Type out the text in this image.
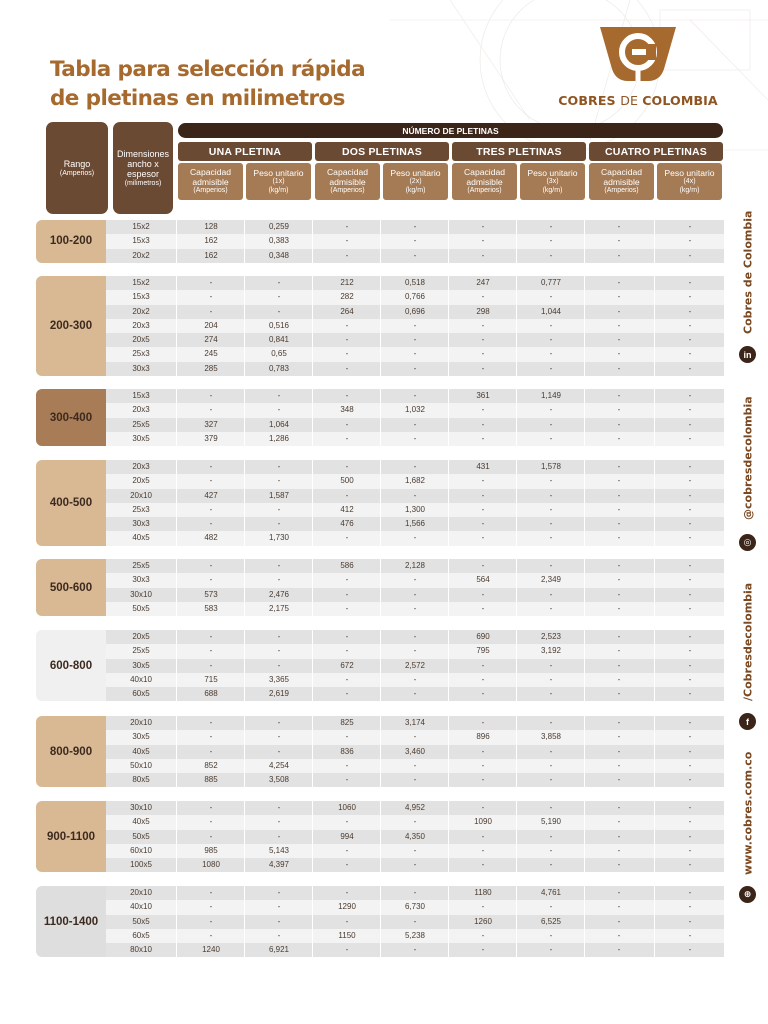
Tabla para selección rápida
de pletinas en milimetros	COBRES DE COLOMBIA
Rango
(Amperios)
Dimensiones
ancho x
espesor
(milimetros)
NÚMERO DE PLETINAS
UNA PLETINA	DOS PLETINAS	TRES PLETINAS	CUATRO PLETINAS
Capacidad
admisible
(Amperios)
Peso unitario
(1x)
(kg/m)
Capacidad
admisible
(Amperios)
Peso unitario
(2x)
(kg/m)
Capacidad
admisible
(Amperios)
Peso unitario
(3x)
(kg/m)
Capacidad
admisible
(Amperios)
Peso unitario
(4x)
(kg/m)
100-200
15x2	128	0,259	-	-	-	-	-	-
15x3	162	0,383	-	-	-	-	-	-
20x2	162	0,348	-	-	-	-	-	-
200-300
15x2	-	-	212	0,518	247	0,777	-	-
15x3	-	-	282	0,766	-	-	-	-
20x2	-	-	264	0,696	298	1,044	-	-
20x3	204	0,516	-	-	-	-	-	-
20x5	274	0,841	-	-	-	-	-	-
25x3	245	0,65	-	-	-	-	-	-
30x3	285	0,783	-	-	-	-	-	-
300-400
15x3	-	-	-	-	361	1,149	-	-
20x3	-	-	348	1,032	-	-	-	-
25x5	327	1,064	-	-	-	-	-	-
30x5	379	1,286	-	-	-	-	-	-
400-500
20x3	-	-	-	-	431	1,578	-	-
20x5	-	-	500	1,682	-	-	-	-
20x10	427	1,587	-	-	-	-	-	-
25x3	-	-	412	1,300	-	-	-	-
30x3	-	-	476	1,566	-	-	-	-
40x5	482	1,730	-	-	-	-	-	-
500-600
25x5	-	-	586	2,128	-	-	-	-
30x3	-	-	-	-	564	2,349	-	-
30x10	573	2,476	-	-	-	-	-	-
50x5	583	2,175	-	-	-	-	-	-
600-800
20x5	-	-	-	-	690	2,523	-	-
25x5	-	-	-	-	795	3,192	-	-
30x5	-	-	672	2,572	-	-	-	-
40x10	715	3,365	-	-	-	-	-	-
60x5	688	2,619	-	-	-	-	-	-
800-900
20x10	-	-	825	3,174	-	-	-	-
30x5	-	-	-	-	896	3,858	-	-
40x5	-	-	836	3,460	-	-	-	-
50x10	852	4,254	-	-	-	-	-	-
80x5	885	3,508	-	-	-	-	-	-
900-1100
30x10	-	-	1060	4,952	-	-	-	-
40x5	-	-	-	-	1090	5,190	-	-
50x5	-	-	994	4,350	-	-	-	-
60x10	985	5,143	-	-	-	-	-	-
100x5	1080	4,397	-	-	-	-	-	-
1100-1400
20x10	-	-	-	-	1180	4,761	-	-
40x10	-	-	1290	6,730	-	-	-	-
50x5	-	-	-	-	1260	6,525	-	-
60x5	-	-	1150	5,238	-	-	-	-
80x10	1240	6,921	-	-	-	-	-	-
Cobres de Colombia
in
@cobresdecolombia
◎
/Cobresdecolombia
f
www.cobres.com.co
⊕
